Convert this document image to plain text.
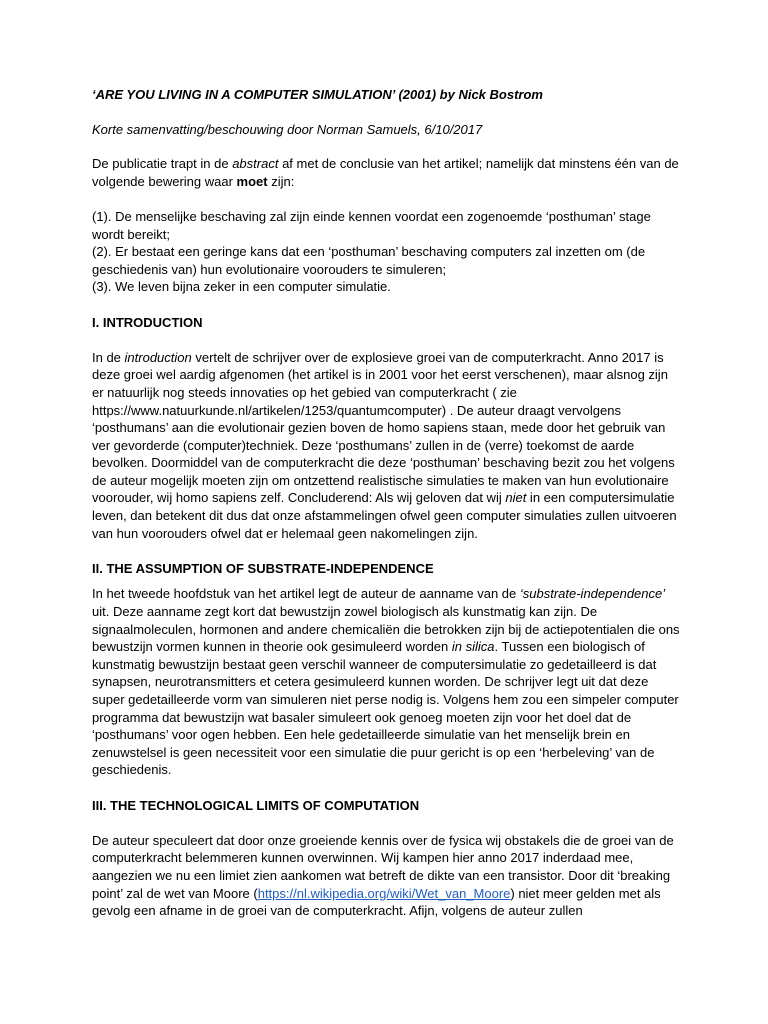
‘ARE YOU LIVING IN A COMPUTER SIMULATION’ (2001) by Nick Bostrom

Korte samenvatting/beschouwing door Norman Samuels, 6/10/2017

De publicatie trapt in de abstract af met de conclusie van het artikel; namelijk dat minstens één van de volgende bewering waar moet zijn:

(1). De menselijke beschaving zal zijn einde kennen voordat een zogenoemde ‘posthuman’ stage wordt bereikt;

(2). Er bestaat een geringe kans dat een ‘posthuman’ beschaving computers zal inzetten om (de geschiedenis van) hun evolutionaire voorouders te simuleren;

(3). We leven bijna zeker in een computer simulatie.

I. INTRODUCTION

In de introduction vertelt de schrijver over de explosieve groei van de computerkracht. Anno 2017 is deze groei wel aardig afgenomen (het artikel is in 2001 voor het eerst verschenen), maar alsnog zijn er natuurlijk nog steeds innovaties op het gebied van computerkracht ( zie https://www.natuurkunde.nl/artikelen/1253/quantumcomputer) . De auteur draagt vervolgens ‘posthumans’ aan die evolutionair gezien boven de homo sapiens staan, mede door het gebruik van ver gevorderde (computer)techniek. Deze ‘posthumans’ zullen in de (verre) toekomst de aarde bevolken. Doormiddel van de computerkracht die deze ‘posthuman’ beschaving bezit zou het volgens de auteur mogelijk moeten zijn om ontzettend realistische simulaties te maken van hun evolutionaire voorouder, wij homo sapiens zelf. Concluderend: Als wij geloven dat wij niet in een computersimulatie leven, dan betekent dit dus dat onze afstammelingen ofwel geen computer simulaties zullen uitvoeren van hun voorouders ofwel dat er helemaal geen nakomelingen zijn.

II. THE ASSUMPTION OF SUBSTRATE-INDEPENDENCE

In het tweede hoofdstuk van het artikel legt de auteur de aanname van de ‘substrate-independence’ uit. Deze aanname zegt kort dat bewustzijn zowel biologisch als kunstmatig kan zijn. De signaalmoleculen, hormonen and andere chemicaliën die betrokken zijn bij de actiepotentialen die ons bewustzijn vormen kunnen in theorie ook gesimuleerd worden in silica. Tussen een biologisch of kunstmatig bewustzijn bestaat geen verschil wanneer de computersimulatie zo gedetailleerd is dat synapsen, neurotransmitters et cetera gesimuleerd kunnen worden. De schrijver legt uit dat deze super gedetailleerde vorm van simuleren niet perse nodig is. Volgens hem zou een simpeler computer programma dat bewustzijn wat basaler simuleert ook genoeg moeten zijn voor het doel dat de ‘posthumans’ voor ogen hebben. Een hele gedetailleerde simulatie van het menselijk brein en zenuwstelsel is geen necessiteit voor een simulatie die puur gericht is op een ‘herbeleving’ van de geschiedenis.

III. THE TECHNOLOGICAL LIMITS OF COMPUTATION

De auteur speculeert dat door onze groeiende kennis over de fysica wij obstakels die de groei van de computerkracht belemmeren kunnen overwinnen. Wij kampen hier anno 2017 inderdaad mee, aangezien we nu een limiet zien aankomen wat betreft de dikte van een transistor. Door dit ‘breaking point’ zal de wet van Moore (https://nl.wikipedia.org/wiki/Wet_van_Moore) niet meer gelden met als gevolg een afname in de groei van de computerkracht. Afijn, volgens de auteur zullen
